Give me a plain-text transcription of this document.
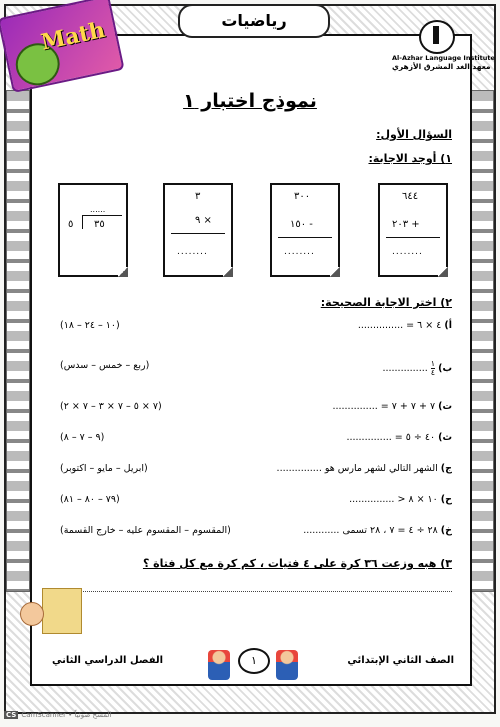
Math	رياضيات
Al-Azhar Language Institute
معهد الغد المشرق الأزهري
نموذج اختبار ١
السؤال الأول:
١) أوجد الاجابة:
٦٤٤
٢٠٣ +
........
٣٠٠
١٥٠ -
........
٣
٩ ×
........
......
٣٥
٥
٢) اختر الاجابة الصحيحة:
أ) ٤ × ٦ = ...............
(١٠ – ٢٤ – ١٨)
ب)
$\frac{١}{٤}$ ...............
(ربع – خمس – سدس)
ت) ٧ + ٧ + ٧ = ...............
(٧ × ٥ – ٧ × ٣ – ٧ × ٢)
ث) ٤٠ ÷ ٥ = ...............
(٩ – ٧ – ٨)
ج) الشهر التالي لشهر مارس هو ...............
(ابريل – مايو – اكتوبر)
ح) ١٠ × ٨ < ...............
(٧٩ – ٨٠ – ٨١)
خ) ٢٨ ÷ ٤ = ٧ ، ٢٨ تسمى ............
(المقسوم – المقسوم عليه – خارج القسمة)
٣) هبه وزعت ٣٦ كرة على ٤ فتيات ، كم كرة مع كل فتاة ؟
الصف الثاني الإبتدائي
الفصل الدراسي الثاني	١
CS CamScanner • المسح ضوئياً
